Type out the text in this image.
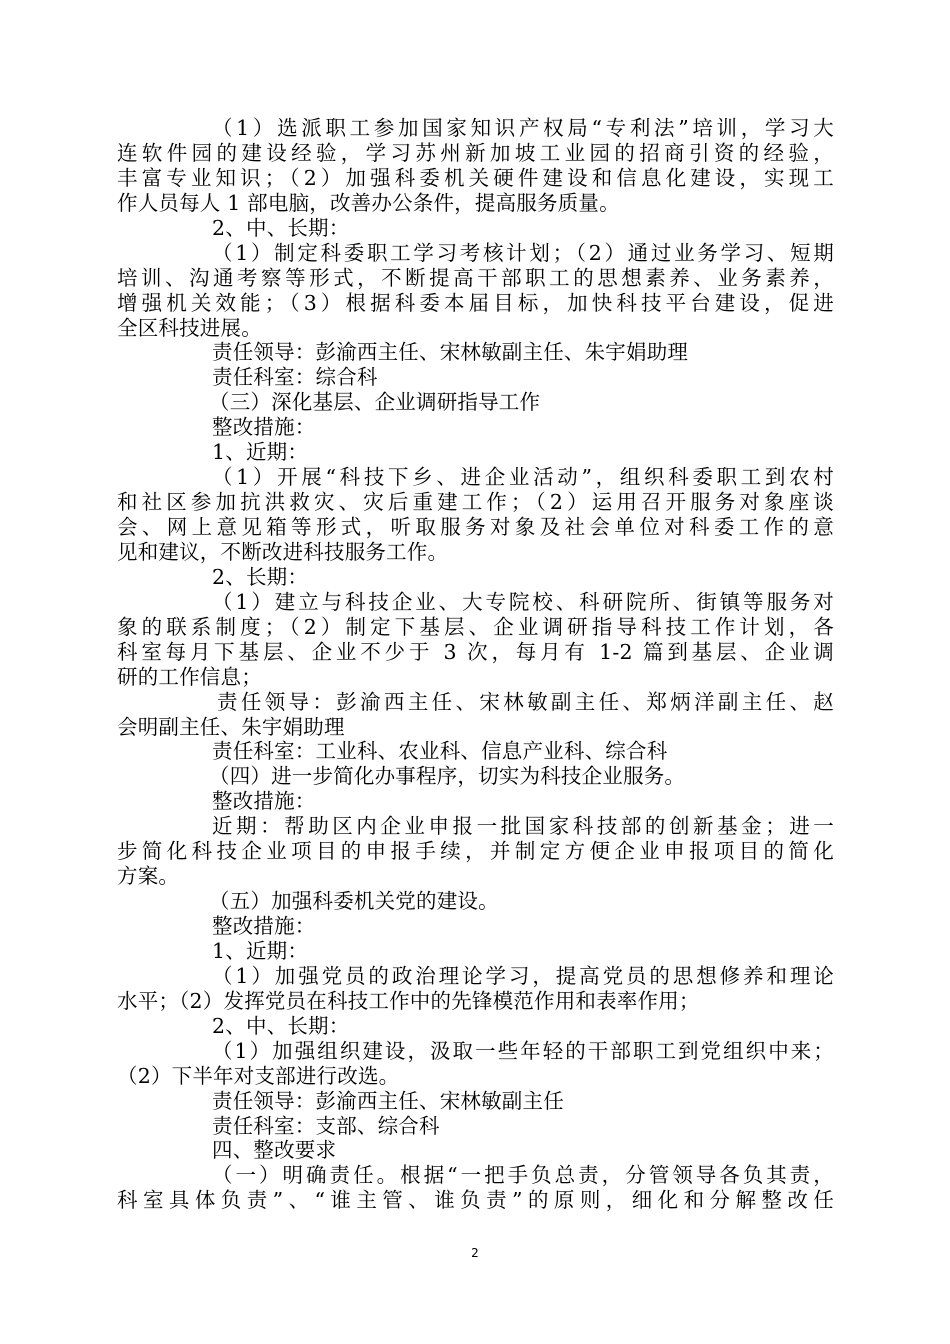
（1）选派职工参加国家知识产权局“专利法”培训，学习大
连软件园的建设经验，学习苏州新加坡工业园的招商引资的经验，
丰富专业知识；（2）加强科委机关硬件建设和信息化建设，实现工
作人员每人 1 部电脑，改善办公条件，提高服务质量。
2、中、长期：
（1）制定科委职工学习考核计划；（2）通过业务学习、短期
培训、沟通考察等形式，不断提高干部职工的思想素养、业务素养，
增强机关效能；（3）根据科委本届目标，加快科技平台建设，促进
全区科技进展。
责任领导：彭渝西主任、宋林敏副主任、朱宇娟助理
责任科室：综合科
（三）深化基层、企业调研指导工作
整改措施：
1、近期：
（1）开展“科技下乡、进企业活动”，组织科委职工到农村
和社区参加抗洪救灾、灾后重建工作；（2）运用召开服务对象座谈
会、网上意见箱等形式，听取服务对象及社会单位对科委工作的意
见和建议，不断改进科技服务工作。
2、长期：
（1）建立与科技企业、大专院校、科研院所、街镇等服务对
象的联系制度；（2）制定下基层、企业调研指导科技工作计划，各
科室每月下基层、企业不少于 3 次，每月有 1-2 篇到基层、企业调
研的工作信息；
责任领导：彭渝西主任、宋林敏副主任、郑炳洋副主任、赵
会明副主任、朱宇娟助理
责任科室：工业科、农业科、信息产业科、综合科
（四）进一步简化办事程序，切实为科技企业服务。
整改措施：
近期：帮助区内企业申报一批国家科技部的创新基金；进一
步简化科技企业项目的申报手续，并制定方便企业申报项目的简化
方案。
（五）加强科委机关党的建设。
整改措施：
1、近期：
（1）加强党员的政治理论学习，提高党员的思想修养和理论
水平；（2）发挥党员在科技工作中的先锋模范作用和表率作用；
2、中、长期：
（1）加强组织建设，汲取一些年轻的干部职工到党组织中来；
（2）下半年对支部进行改选。
责任领导：彭渝西主任、宋林敏副主任
责任科室：支部、综合科
四、整改要求
（一）明确责任。根据“一把手负总责，分管领导各负其责，
科室具体负责”、“谁主管、谁负责”的原则，细化和分解整改任
2
